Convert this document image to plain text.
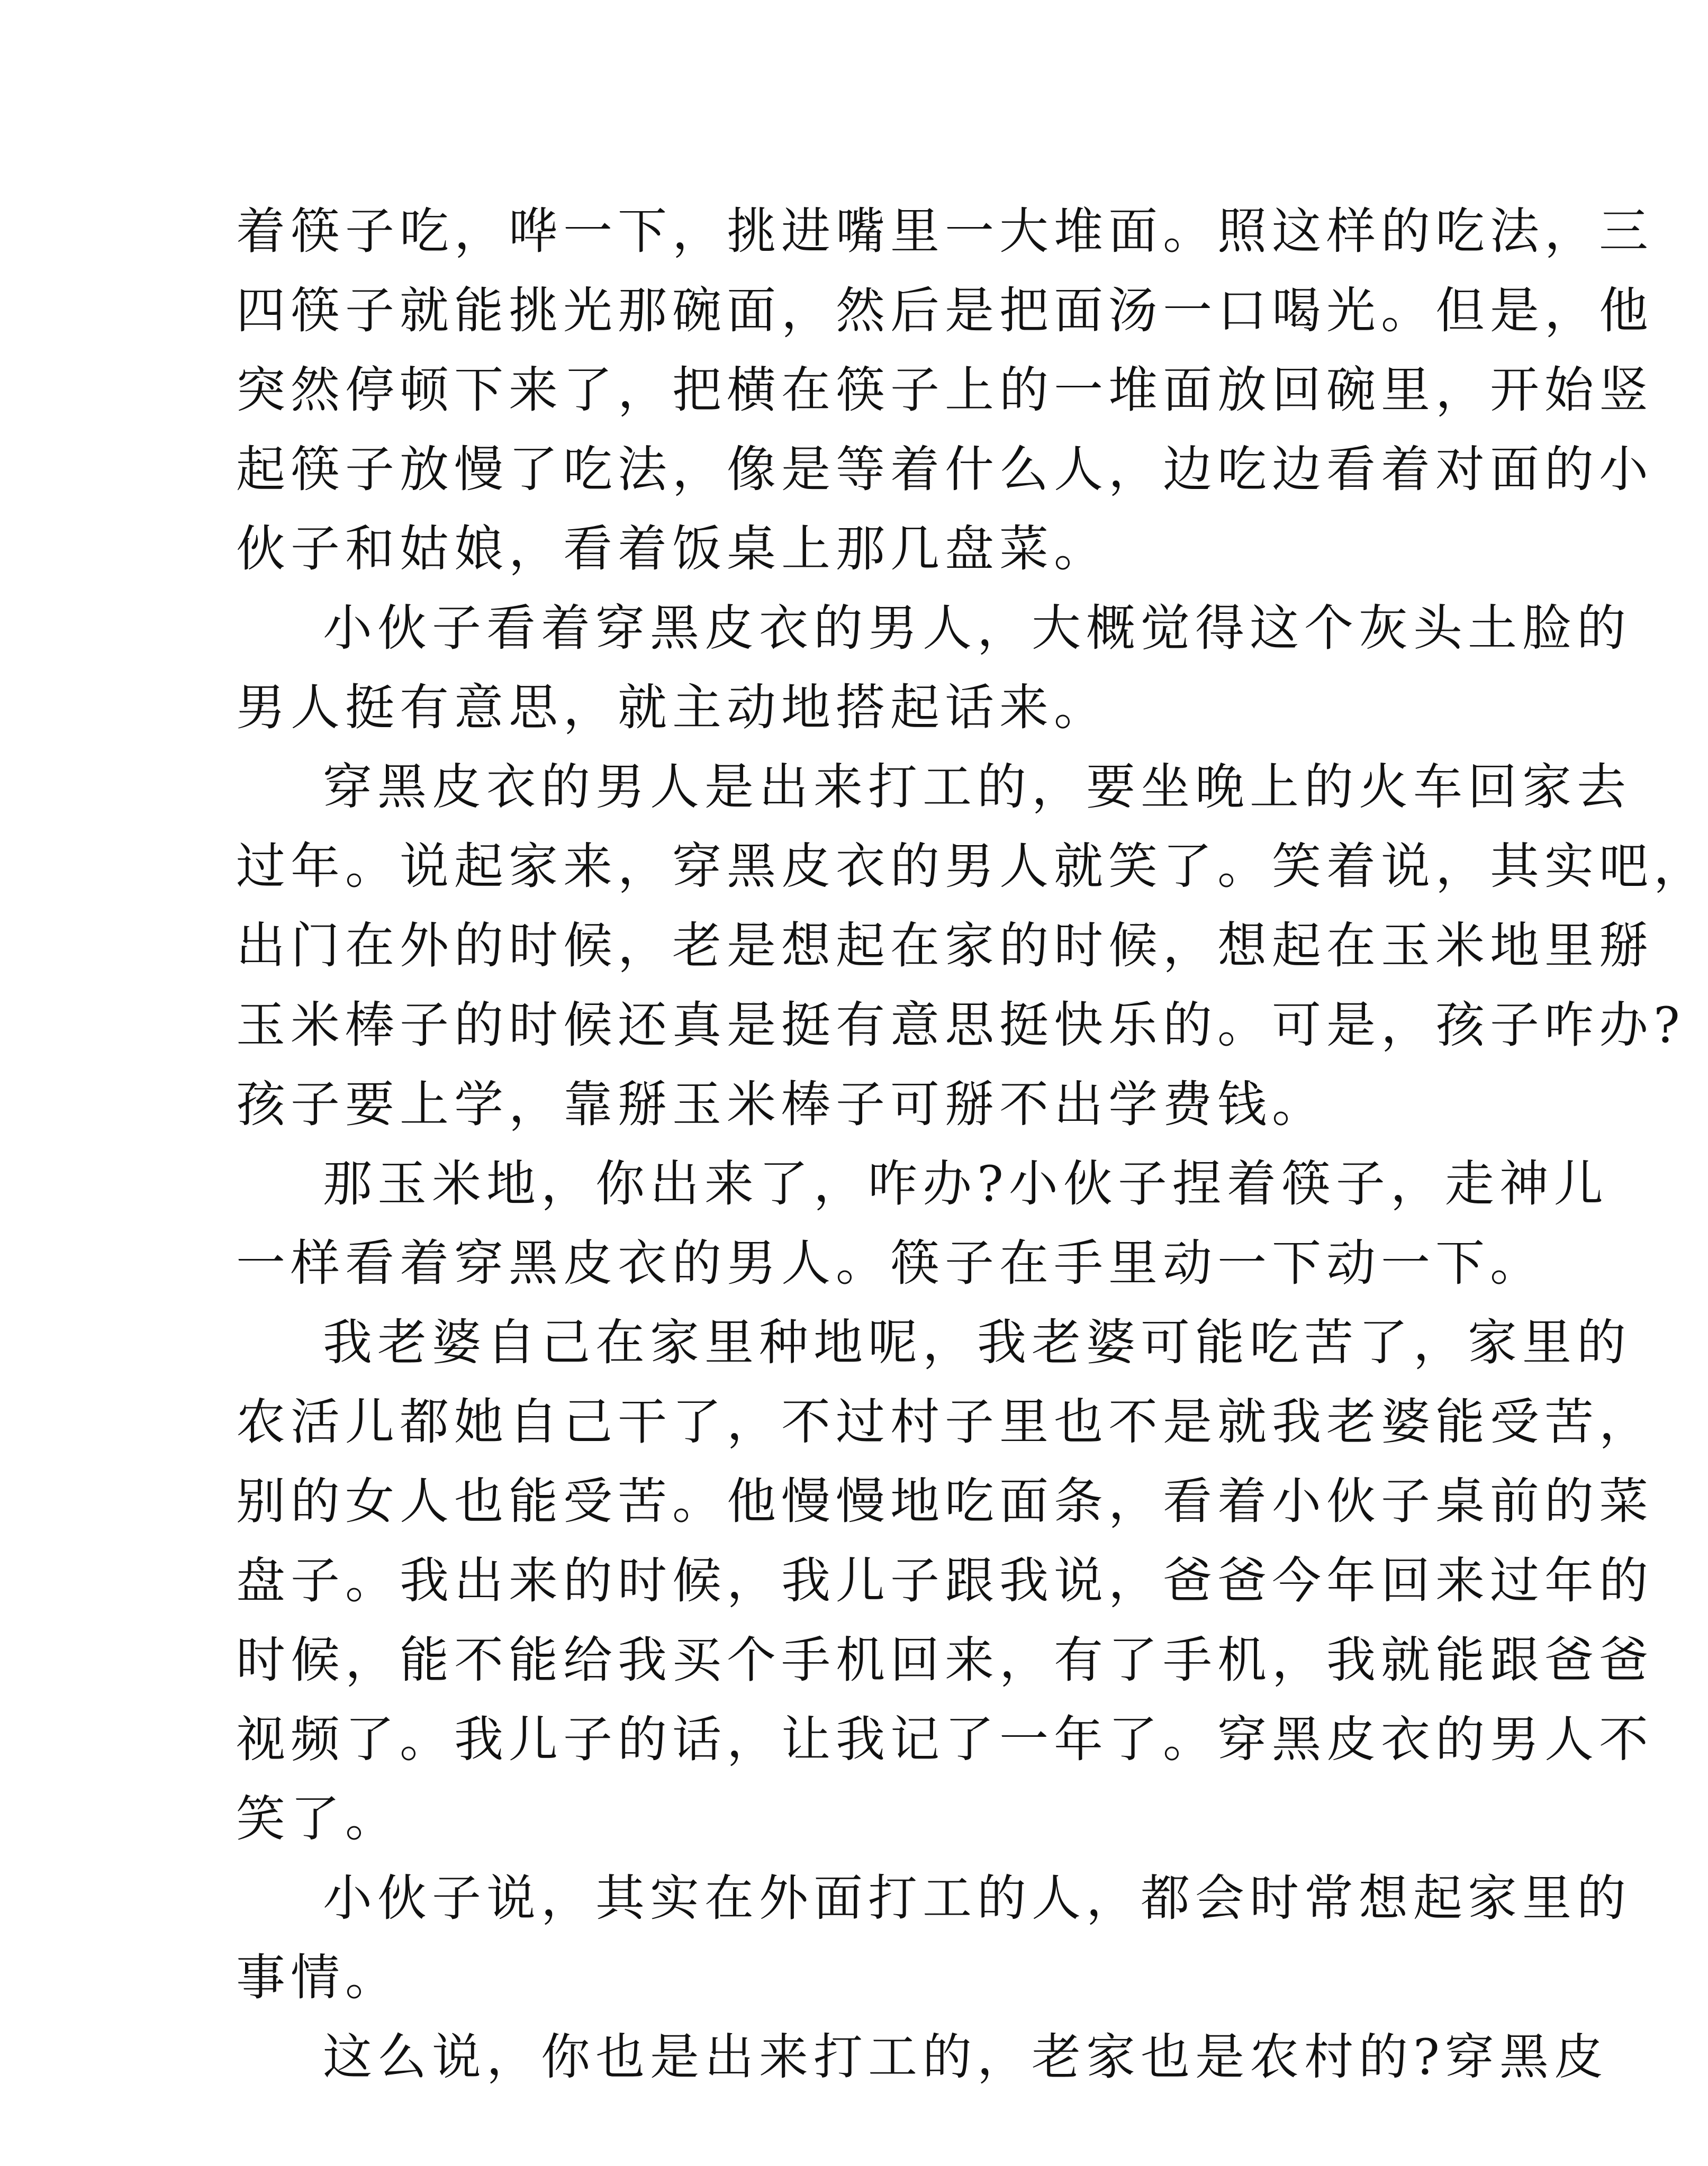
着筷子吃，哗一下，挑进嘴里一大堆面。照这样的吃法，三
四筷子就能挑光那碗面，然后是把面汤一口喝光。但是，他
突然停顿下来了，把横在筷子上的一堆面放回碗里，开始竖
起筷子放慢了吃法，像是等着什么人，边吃边看着对面的小
伙子和姑娘，看着饭桌上那几盘菜。
小伙子看着穿黑皮衣的男人，大概觉得这个灰头土脸的
男人挺有意思，就主动地搭起话来。
穿黑皮衣的男人是出来打工的，要坐晚上的火车回家去
过年。说起家来，穿黑皮衣的男人就笑了。笑着说，其实吧，
出门在外的时候，老是想起在家的时候，想起在玉米地里掰
玉米棒子的时候还真是挺有意思挺快乐的。可是，孩子咋办?
孩子要上学，靠掰玉米棒子可掰不出学费钱。
那玉米地，你出来了，咋办?小伙子捏着筷子，走神儿
一样看着穿黑皮衣的男人。筷子在手里动一下动一下。
我老婆自己在家里种地呢，我老婆可能吃苦了，家里的
农活儿都她自己干了，不过村子里也不是就我老婆能受苦，
别的女人也能受苦。他慢慢地吃面条，看着小伙子桌前的菜
盘子。我出来的时候，我儿子跟我说，爸爸今年回来过年的
时候，能不能给我买个手机回来，有了手机，我就能跟爸爸
视频了。我儿子的话，让我记了一年了。穿黑皮衣的男人不
笑了。
小伙子说，其实在外面打工的人，都会时常想起家里的
事情。
这么说，你也是出来打工的，老家也是农村的?穿黑皮
